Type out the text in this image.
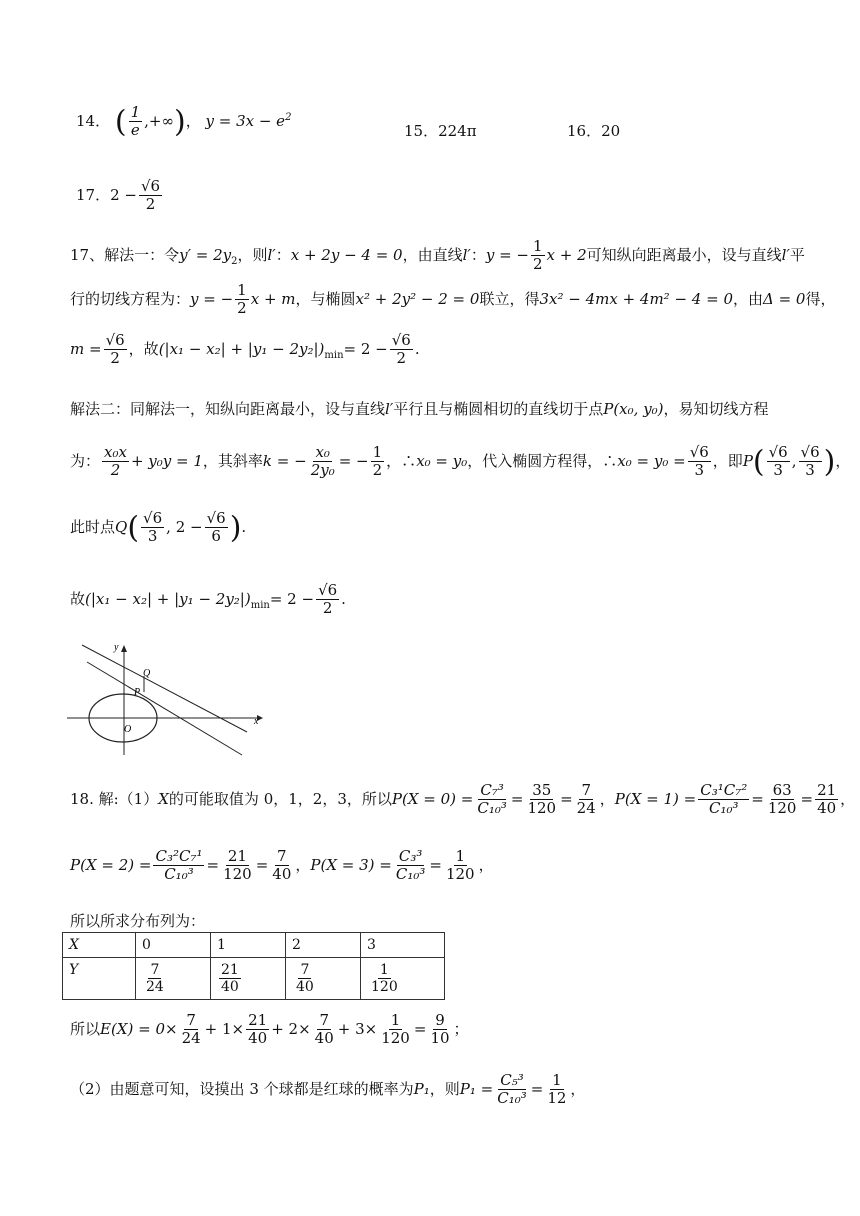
14． ( $\frac{1}{e}$ ,+∞)， $y = 3x - e^2$
15．224π	16．20
17．$2 - \frac{√6}{2}$
17、解法一：令$y' = 2y_2$，则l′：x + 2y − 4 = 0，由直线l′：y = − $\frac{1}{2}$ x + 2可知纵向距离最小，设与直线l′平
行的切线方程为：y = − $\frac{1}{2}$ x + m，与椭圆x² + 2y² − 2 = 0联立，得3x² − 4mx + 4m² − 4 = 0，由Δ = 0得，
$m = \frac{√6}{2}$ ，故$(|x_1 - x_2| + |y_1 - 2y_2|)_{min}= 2 - \frac{√6}{2}$ .
解法二：同解法一，知纵向距离最小，设与直线l′平行且与椭圆相切的直线切于点P(x₀, y₀)，易知切线方程
为： $\frac{\text{x₀x}}{2} + y_0y = 1$，其斜率k = − $\frac{\text{x₀}}{\text{2y₀}}$ = − $\frac{1}{2}$ ，∴x₀ = y₀，代入椭圆方程得，∴x₀ = $y_0 = \frac{√6}{3}$ ，即$P( \frac{√6}{3}$ , $\frac{√6}{3}$ )，
此时点$Q( \frac{√6}{3}$ , $2 - \frac{√6}{6}$ ).
故$(|x_1 - x_2| + |y_1 - 2y_2|)_{min}= 2 - \frac{√6}{2}$ .
y
x
O
P
Q
18. 解:（1）X的可能取值为 0，1，2，3，所以$P(X = 0) = \frac{\text{C₇³}}{\text{C₁₀³}} = \frac{35}{120} = \frac{7}{24}$ ，$P(X = 1) = \frac{\text{C₃¹C₇²}}{\text{C₁₀³}} = \frac{63}{120} = \frac{21}{40}$ ，
$P(X = 2) = \frac{\text{C₃²C₇¹}}{\text{C₁₀³}} = \frac{21}{120} = \frac{7}{40}$ ，$P(X = 3) = \frac{\text{C₃³}}{\text{C₁₀³}} = \frac{1}{120}$ ，
所以所求分布列为：
X	0	1	2	3
Y	$\frac{7}{24}$	$\frac{21}{40}$	$\frac{7}{40}$	$\frac{1}{120}$
所以$E(X) = 0\times \frac{7}{24} + 1\times \frac{21}{40} + 2\times \frac{7}{40} + 3\times \frac{1}{120} = \frac{9}{10}$ ；
（2）由题意可知，设摸出 3 个球都是红球的概率为P₁，则$P_1 = \frac{\text{C₅³}}{\text{C₁₀³}} = \frac{1}{12}$ ，
